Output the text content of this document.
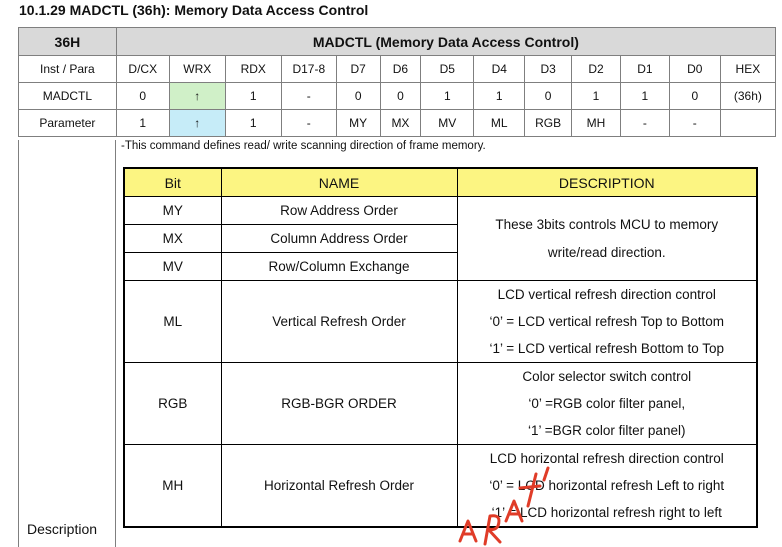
10.1.29 MADCTL (36h): Memory Data Access Control
36H	MADCTL (Memory Data Access Control)												
Inst / Para	D/CX	WRX	RDX	D17-8	D7	D6	D5	D4	D3	D2	D1	D0	HEX
MADCTL	0	↑	1	-	0	0	1	1	0	1	1	0	(36h)
Parameter	1	↑	1	-	MY	MX	MV	ML	RGB	MH	-	-	
Description
-This command defines read/ write scanning direction of frame memory.
Bit	NAME	DESCRIPTION
MY	Row Address Order	These 3bits controls MCU to memory
write/read direction.

MX	Column Address Order	
MV	Row/Column Exchange	
ML	Vertical Refresh Order	LCD vertical refresh direction control
‘0’ = LCD vertical refresh Top to Bottom
‘1’ = LCD vertical refresh Bottom to Top

RGB	RGB-BGR ORDER	Color selector switch control
‘0’ =RGB color filter panel,
‘1’ =BGR color filter panel)

MH	Horizontal Refresh Order	LCD horizontal refresh direction control
‘0’ = LCD horizontal refresh Left to right
‘1’ = LCD horizontal refresh right to left
